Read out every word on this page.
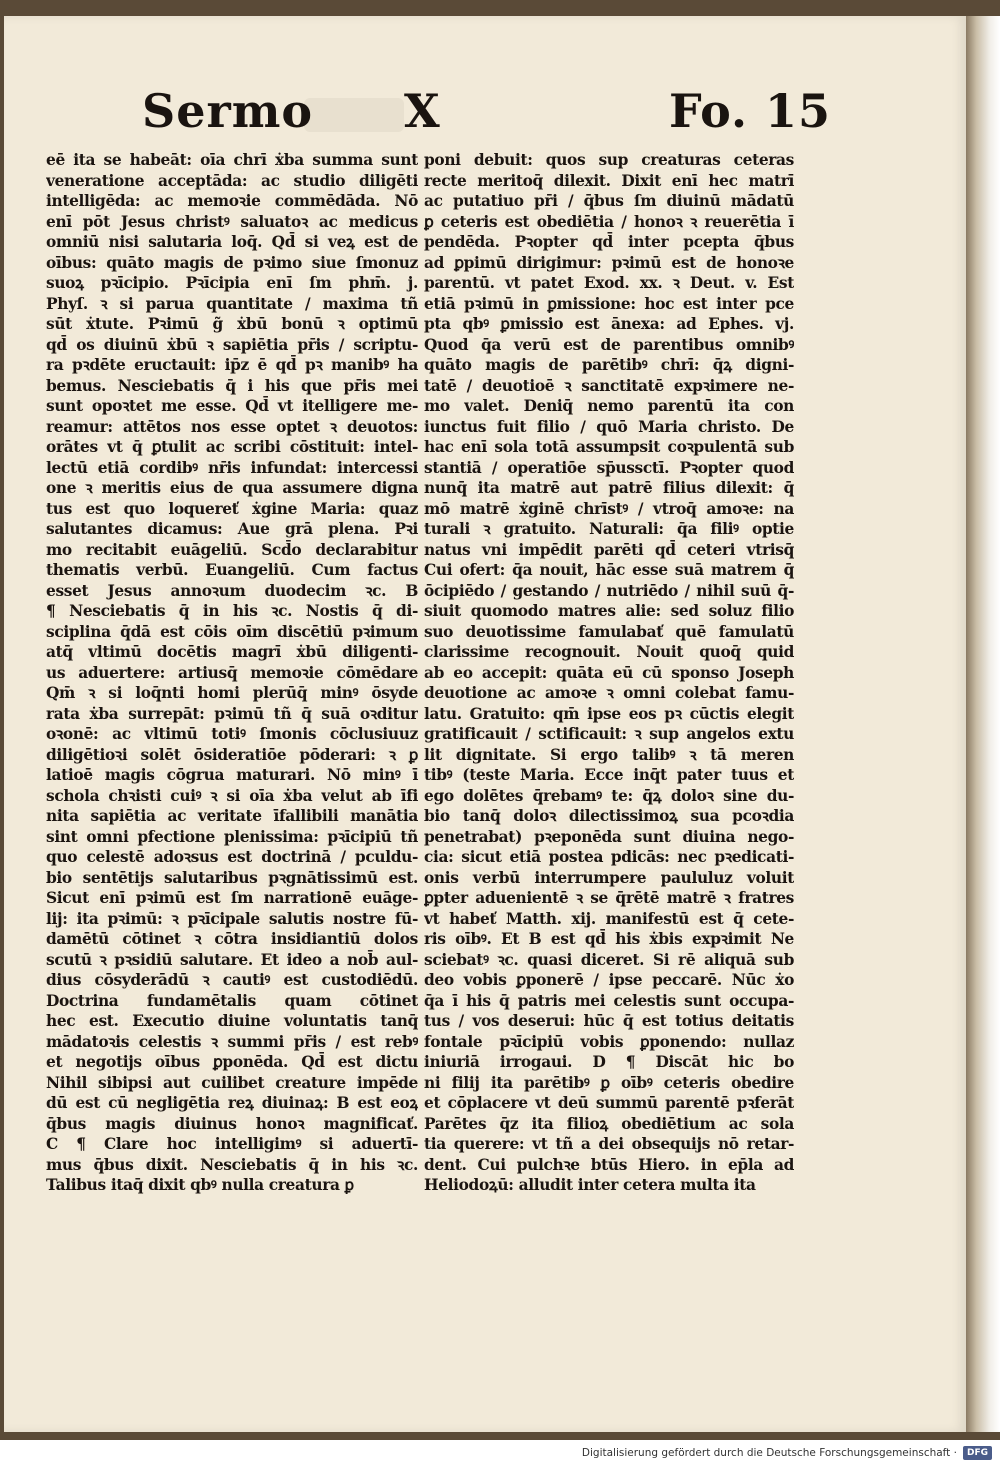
Sermo X	Fo. 15
eē ita se habeāt: oīa chrī ẋba summa sunt
veneratione acceptāda: ac studio diligēti
intelligēda: ac memoꝛie commēdāda. Nō
enī pōt Jesus christꝰ saluatoꝛ ac medicus
omniū nisi salutaria loq̄. Qd̄ si veꝝ est de
oībus: quāto magis de pꝛimo siue ſmonuz
suoꝝ pꝛīcipio. Pꝛīcipia enī ſm phm̄. j.
Phyſ. ꝛ si parua quantitate / maxima tñ
sūt ẋtute. Pꝛimū g̃ ẋbū bonū ꝛ optimū
qd̄ os diuinū ẋbū ꝛ sapiētia pr̄is / scriptu-
ra pꝛdēte eructauit: ip̄z ē qd̄ pꝛ manibꝰ ha
bemus. Nesciebatis q̄ i his que pr̄is mei
sunt opoꝛtet me esse. Qd̄ vt itelligere me-
reamur: attētos nos esse optet ꝛ deuotos:
orātes vt q̄ ꝑtulit ac scribi cōstituit: intel-
lectū etiā cordibꝰ nr̄is infundat: intercessi
one ꝛ meritis eius de qua assumere digna
tus est quo loquereť ẋgine Maria: quaz
salutantes dicamus: Aue grā plena. Pꝛi
mo recitabit euāgeliū. Scd̄o declarabitur
thematis verbū. Euangeliū. Cum factus
esset Jesus annoꝛum duodecim ꝛc. B
¶ Nesciebatis q̄ in his ꝛc. Nostis q̄ di-
sciplina q̄dā est cōis oīm discētiū pꝛimum
atq̄ vltimū docētis magrī ẋbū diligenti-
us aduertere: artiusq̄ memoꝛie cōmēdare
Qm̄ ꝛ si loq̄nti homi plerūq̄ minꝰ ōsyde
rata ẋba surrepāt: pꝛimū tñ q̄ suā oꝛditur
oꝛonē: ac vltimū totiꝰ ſmonis cōclusiuuz
diligētioꝛi solēt ōsideratiōe pōderari: ꝛ ꝑ
latioē magis cōgrua maturari. Nō minꝰ ī
schola chꝛisti cuiꝰ ꝛ si oīa ẋba velut ab īfi
nita sapiētia ac veritate īfallibili manātia
sint omni pfectione plenissima: pꝛīcipiū tñ
quo celestē adoꝛsus est doctrinā / pculdu-
bio sentētijs salutaribus pꝛgnātissimū est.
Sicut enī pꝛimū est ſm narrationē euāge-
lij: ita pꝛimū: ꝛ pꝛīcipale salutis nostre fū-
damētū cōtinet ꝛ cōtra insidiantiū dolos
scutū ꝛ pꝛsidiū salutare. Et ideo a nob̄ aul-
dius cōsyderādū ꝛ cautiꝰ est custodiēdū.
Doctrina fundamētalis quam cōtinet
hec est. Executio diuine voluntatis tanq̄
mādatoꝛis celestis ꝛ summi pr̄is / est rebꝰ
et negotijs oībus ꝑponēda. Qd̄ est dictu
Nihil sibipsi aut cuilibet creature impēde
dū est cū negligētia reꝝ diuinaꝝ: B est eoꝝ
q̄bus magis diuinus honoꝛ magnificať.
C ¶ Clare hoc intelligimꝰ si aduertī-
mus q̄bus dixit. Nesciebatis q̄ in his ꝛc.
Talibus itaq̄ dixit qbꝰ nulla creatura ꝑ
poni debuit: quos sup creaturas ceteras
recte meritoq̄ dilexit. Dixit enī hec matrī
ac putatiuo pr̄i / q̄bus ſm diuinū mādatū
ꝑ ceteris est obediētia / honoꝛ ꝛ reuerētia ī
pendēda. Pꝛopter qd̄ inter pcepta q̄bus
ad ꝑpimū dirigimur: pꝛimū est de honoꝛe
parentū. vt patet Exod. xx. ꝛ Deut. v. Est
etiā pꝛimū in ꝑmissione: hoc est inter pce
pta qbꝰ ꝑmissio est ānexa: ad Ephes. vj.
Quod q̄a verū est de parentibus omnibꝰ
quāto magis de parētibꝰ chrī: q̄ꝝ digni-
tatē / deuotioē ꝛ sanctitatē expꝛimere ne-
mo valet. Deniq̄ nemo parentū ita con
iunctus fuit filio / quō Maria christo. De
hac enī sola totā assumpsit coꝛpulentā sub
stantiā / operatiōe sp̄ussctī. Pꝛopter quod
nunq̄ ita matrē aut patrē filius dilexit: q̄
mō matrē ẋginē chrīstꝰ / vtroq̄ amoꝛe: na
turali ꝛ gratuito. Naturali: q̄a filiꝰ optie
natus vni impēdit parēti qd̄ ceteri vtrisq̄
Cui ofert: q̄a nouit, hāc esse suā matrem q̄
ōcipiēdo / gestando / nutriēdo / nihil suū q̄-
siuit quomodo matres alie: sed soluz filio
suo deuotissime famulabať quē famulatū
clarissime recognouit. Nouit quoq̄ quid
ab eo accepit: quāta eū cū sponso Joseph
deuotione ac amoꝛe ꝛ omni colebat famu-
latu. Gratuito: qm̄ ipse eos pꝛ cūctis elegit
gratificauit / sctificauit: ꝛ sup angelos extu
lit dignitate. Si ergo talibꝰ ꝛ tā meren
tibꝰ (teste Maria. Ecce inq̄t pater tuus et
ego dolētes q̄rebamꝰ te: q̄ꝝ doloꝛ sine du-
bio tanq̄ doloꝛ dilectissimoꝝ sua pcoꝛdia
penetrabat) pꝛeponēda sunt diuina nego-
cia: sicut etiā postea pdicās: nec pꝛedicati-
onis verbū interrumpere paululuz voluit
ꝑpter aduenientē ꝛ se q̄rētē matrē ꝛ fratres
vt habeť Matth. xij. manifestū est q̄ cete-
ris oībꝰ. Et B est qd̄ his ẋbis expꝛimit Ne
sciebatꝰ ꝛc. quasi diceret. Si rē aliquā sub
deo vobis ꝑponerē / ipse peccarē. Nūc ẋo
q̄a ī his q̄ patris mei celestis sunt occupa-
tus / vos deserui: hūc q̄ est totius deitatis
fontale pꝛīcipiū vobis ꝑponendo: nullaz
iniuriā irrogaui. D ¶ Discāt hic bo
ni filij ita parētibꝰ ꝑ oībꝰ ceteris obedire
et cōplacere vt deū summū parentē pꝛferāt
Parētes q̄z ita filioꝝ obediētium ac sola
tia querere: vt tñ a dei obsequijs nō retar-
dent. Cui pulchꝛe btūs Hiero. in ep̄la ad
Heliodoꝝū: alludit inter cetera multa ita
Digitalisierung gefördert durch die Deutsche Forschungsgemeinschaft ·	DFG
